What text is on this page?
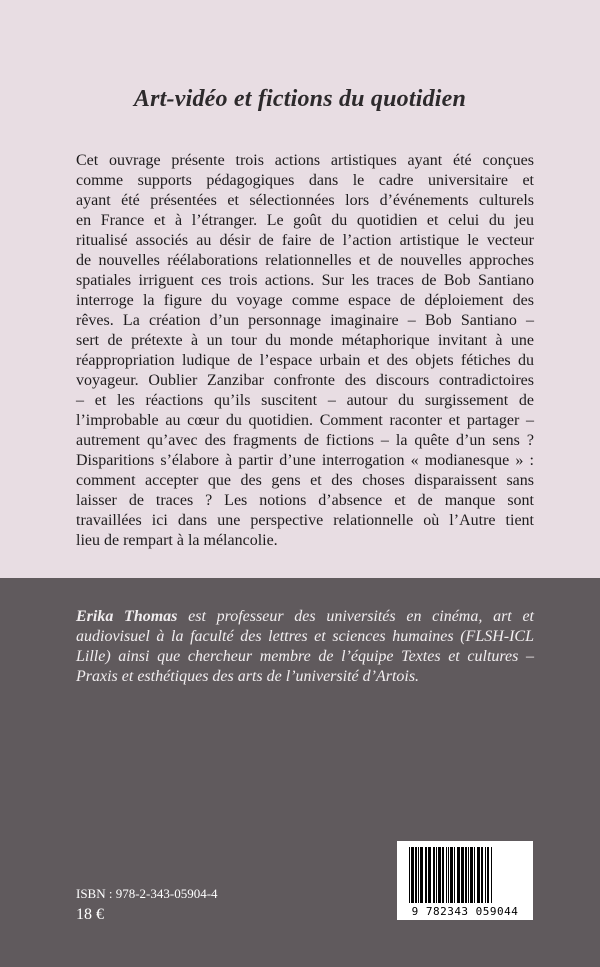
Art-vidéo et fictions du quotidien
Cet ouvrage présente trois actions artistiques ayant été conçues
comme supports pédagogiques dans le cadre universitaire et
ayant été présentées et sélectionnées lors d’événements culturels
en France et à l’étranger. Le goût du quotidien et celui du jeu
ritualisé associés au désir de faire de l’action artistique le vecteur
de nouvelles réélaborations relationnelles et de nouvelles approches
spatiales irriguent ces trois actions. Sur les traces de Bob Santiano
interroge la figure du voyage comme espace de déploiement des
rêves. La création d’un personnage imaginaire – Bob Santiano –
sert de prétexte à un tour du monde métaphorique invitant à une
réappropriation ludique de l’espace urbain et des objets fétiches du
voyageur. Oublier Zanzibar confronte des discours contradictoires
– et les réactions qu’ils suscitent – autour du surgissement de
l’improbable au cœur du quotidien. Comment raconter et partager –
autrement qu’avec des fragments de fictions – la quête d’un sens ?
Disparitions s’élabore à partir d’une interrogation « modianesque » :
comment accepter que des gens et des choses disparaissent sans
laisser de traces ? Les notions d’absence et de manque sont
travaillées ici dans une perspective relationnelle où l’Autre tient
lieu de rempart à la mélancolie.
Erika Thomas est professeur des universités en cinéma, art et
audiovisuel à la faculté des lettres et sciences humaines (FLSH-ICL
Lille) ainsi que chercheur membre de l’équipe Textes et cultures –
Praxis et esthétiques des arts de l’université d’Artois.
ISBN : 978-2-343-05904-4
18 €	9 782343 059044
